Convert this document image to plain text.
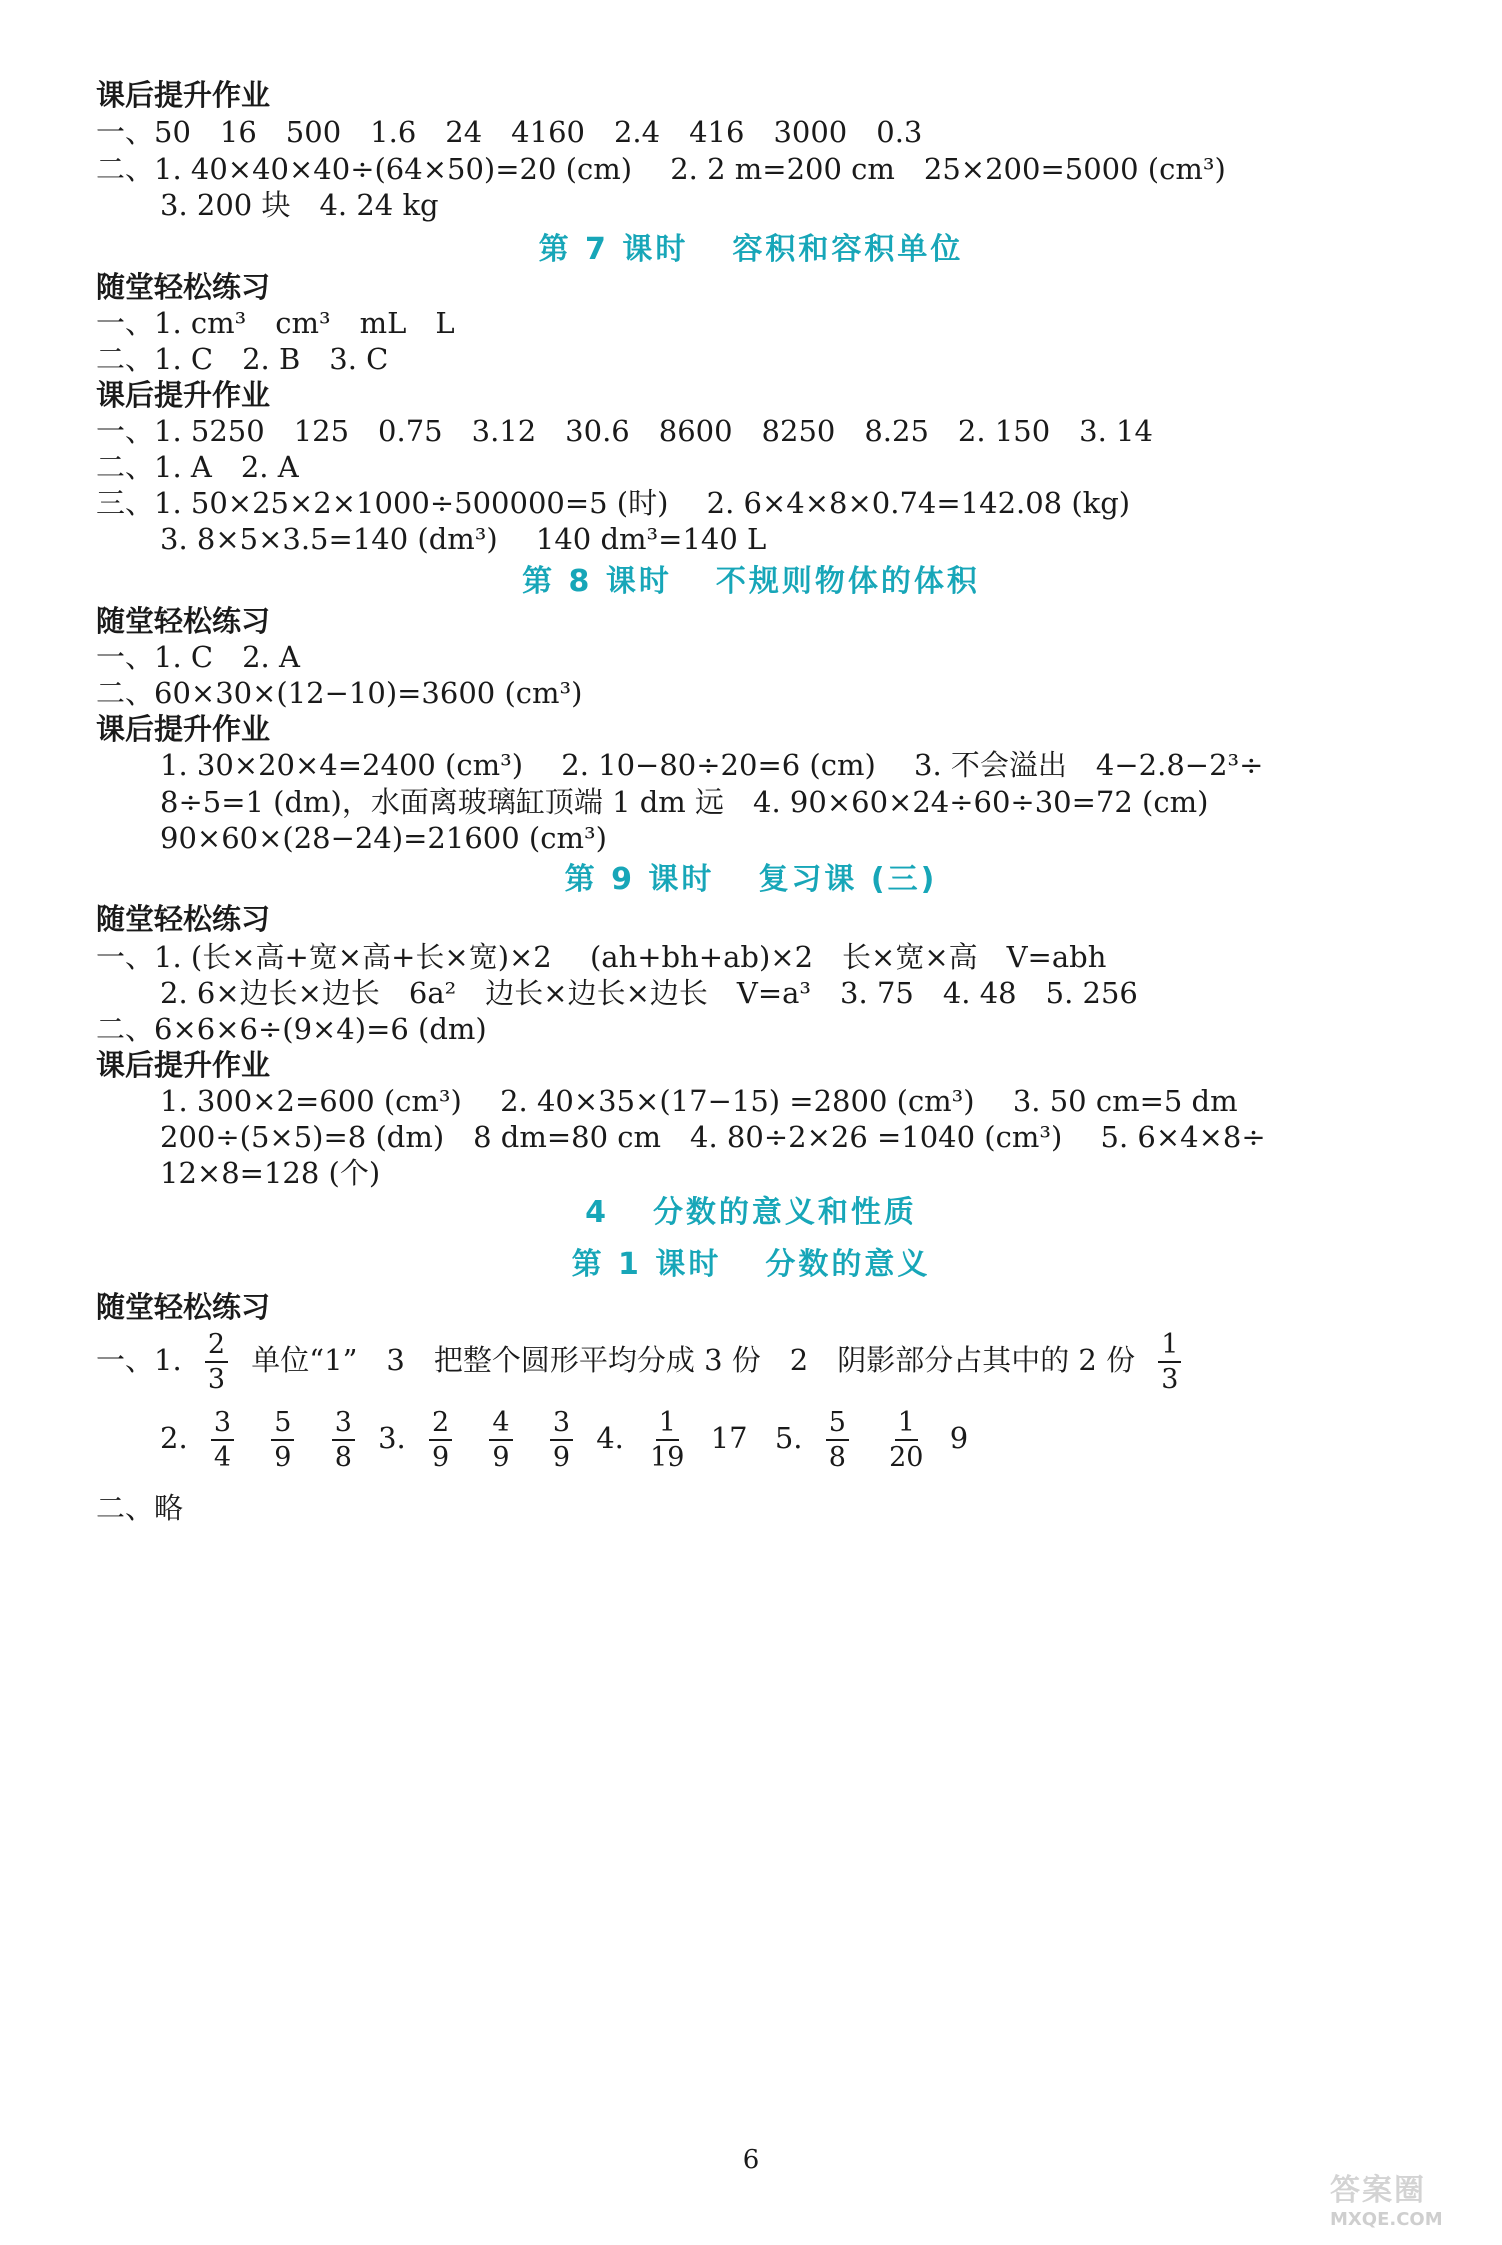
课后提升作业
一、50　16　500　1.6　24　4160　2.4　416　3000　0.3
二、1. 40×40×40÷(64×50)=20 (cm)　 2. 2 m=200 cm　25×200=5000 (cm³)
3. 200 块　4. 24 kg
第 7 课时 容积和容积单位
随堂轻松练习
一、1. cm³　cm³　mL　L
二、1. C　2. B　3. C
课后提升作业
一、1. 5250　125　0.75　3.12　30.6　8600　8250　8.25　2. 150　3. 14
二、1. A　2. A
三、1. 50×25×2×1000÷500000=5 (时)　 2. 6×4×8×0.74=142.08 (kg)
3. 8×5×3.5=140 (dm³)　 140 dm³=140 L
第 8 课时 不规则物体的体积
随堂轻松练习
一、1. C　2. A
二、60×30×(12−10)=3600 (cm³)
课后提升作业
1. 30×20×4=2400 (cm³)　 2. 10−80÷20=6 (cm)　 3. 不会溢出　4−2.8−2³÷
8÷5=1 (dm)，水面离玻璃缸顶端 1 dm 远　4. 90×60×24÷60÷30=72 (cm)
90×60×(28−24)=21600 (cm³)
第 9 课时 复习课 (三)
随堂轻松练习
一、1. (长×高+宽×高+长×宽)×2　 (ah+bh+ab)×2　长×宽×高　V=abh
2. 6×边长×边长　6a²　边长×边长×边长　V=a³　3. 75　4. 48　5. 256
二、6×6×6÷(9×4)=6 (dm)
课后提升作业
1. 300×2=600 (cm³)　 2. 40×35×(17−15) =2800 (cm³)　 3. 50 cm=5 dm
200÷(5×5)=8 (dm)　8 dm=80 cm　4. 80÷2×26 =1040 (cm³)　 5. 6×4×8÷
12×8=128 (个)
4 分数的意义和性质
第 1 课时 分数的意义
随堂轻松练习
一、1. $\frac{2}{3}$ 单位“1”　3　把整个圆形平均分成 3 份　2　阴影部分占其中的 2 份 $\frac{1}{3}$
2. $\frac{3}{4}$
$\frac{5}{9}$
$\frac{3}{8} 3$. $\frac{2}{9}$
$\frac{4}{9}$
$\frac{3}{9} 4$. $\frac{1}{19} 17$ 5. $\frac{5}{8}$
$\frac{1}{20} 9$
二、略
6
答案圈
MXQE.COM
